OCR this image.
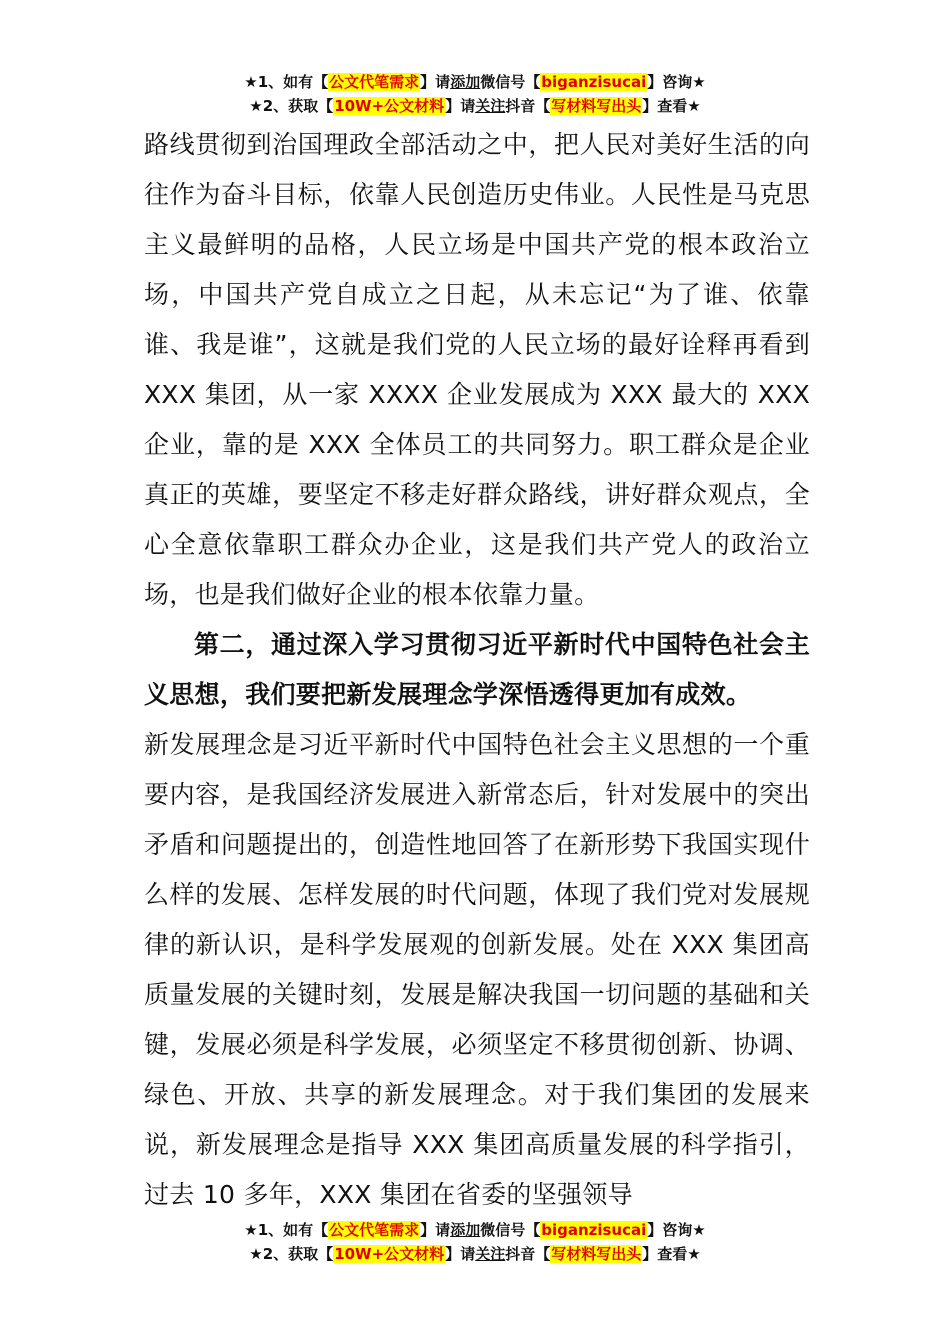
★1、如有【公文代笔需求】请添加微信号【biganzisucai】咨询★
★2、获取【10W+公文材料】请关注抖音【写材料写出头】查看★

路线贯彻到治国理政全部活动之中，把人民对美好生活的向往作为奋斗目标，依靠人民创造历史伟业。人民性是马克思主义最鲜明的品格，人民立场是中国共产党的根本政治立场，中国共产党自成立之日起，从未忘记“为了谁、依靠谁、我是谁”，这就是我们党的人民立场的最好诠释再看到 XXX 集团，从一家 XXXX 企业发展成为 XXX 最大的 XXX 企业，靠的是 XXX 全体员工的共同努力。职工群众是企业真正的英雄，要坚定不移走好群众路线，讲好群众观点，全心全意依靠职工群众办企业，这是我们共产党人的政治立场，也是我们做好企业的根本依靠力量。

第二，通过深入学习贯彻习近平新时代中国特色社会主义思想，我们要把新发展理念学深悟透得更加有成效。

新发展理念是习近平新时代中国特色社会主义思想的一个重要内容，是我国经济发展进入新常态后，针对发展中的突出矛盾和问题提出的，创造性地回答了在新形势下我国实现什么样的发展、怎样发展的时代问题，体现了我们党对发展规律的新认识，是科学发展观的创新发展。处在 XXX 集团高质量发展的关键时刻，发展是解决我国一切问题的基础和关键，发展必须是科学发展，必须坚定不移贯彻创新、协调、绿色、开放、共享的新发展理念。对于我们集团的发展来说，新发展理念是指导 XXX 集团高质量发展的科学指引，过去 10 多年，XXX 集团在省委的坚强领导

★1、如有【公文代笔需求】请添加微信号【biganzisucai】咨询★
★2、获取【10W+公文材料】请关注抖音【写材料写出头】查看★
